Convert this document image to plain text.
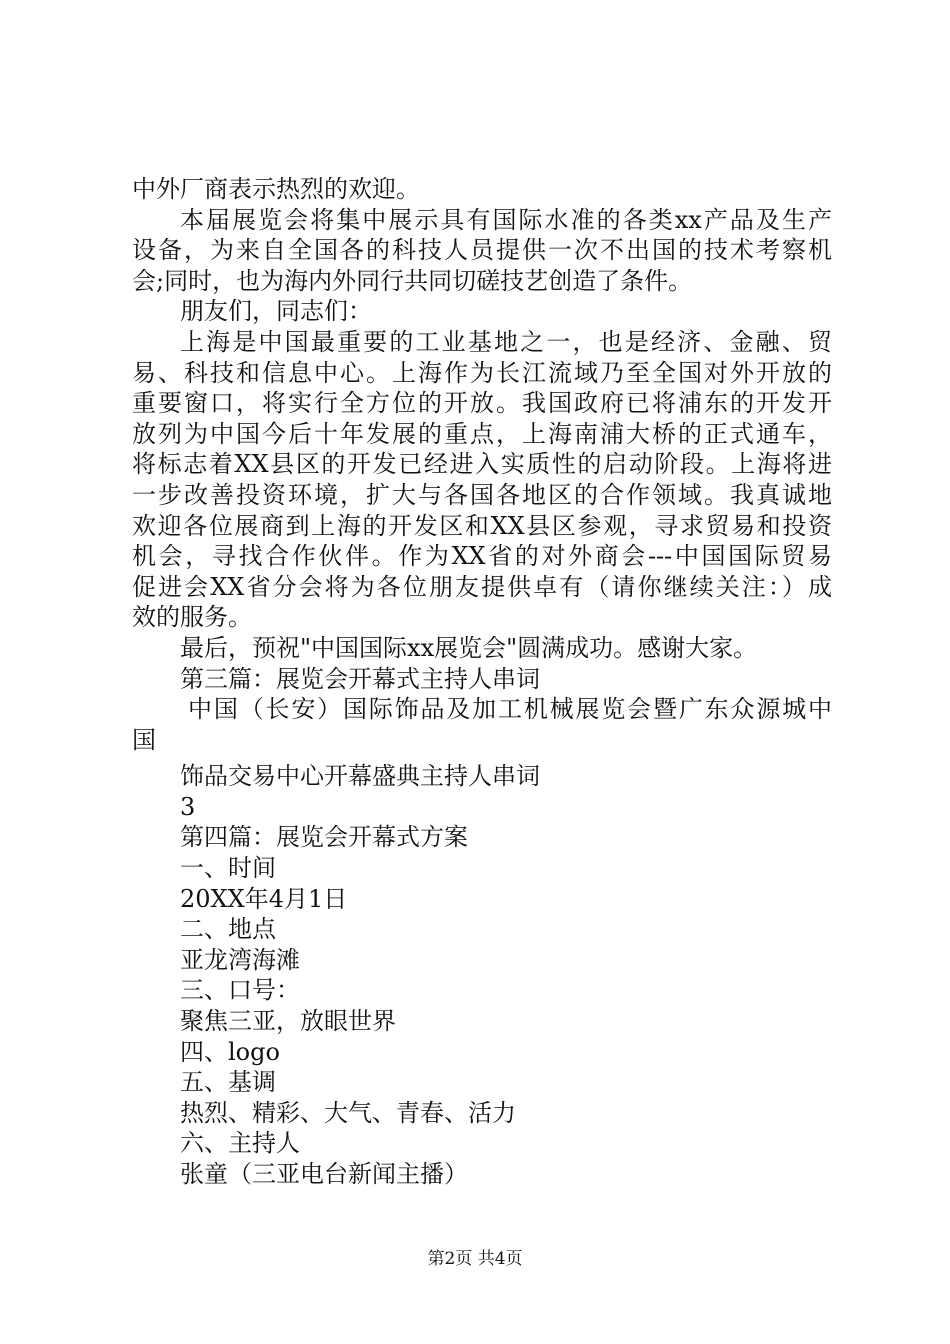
中外厂商表示热烈的欢迎。
本届展览会将集中展示具有国际水准的各类xx产品及生产
设备，为来自全国各的科技人员提供一次不出国的技术考察机
会;同时，也为海内外同行共同切磋技艺创造了条件。
朋友们，同志们：
上海是中国最重要的工业基地之一，也是经济、金融、贸
易、科技和信息中心。上海作为长江流域乃至全国对外开放的
重要窗口，将实行全方位的开放。我国政府已将浦东的开发开
放列为中国今后十年发展的重点，上海南浦大桥的正式通车，
将标志着XX县区的开发已经进入实质性的启动阶段。上海将进
一步改善投资环境，扩大与各国各地区的合作领域。我真诚地
欢迎各位展商到上海的开发区和XX县区参观，寻求贸易和投资
机会，寻找合作伙伴。作为XX省的对外商会---中国国际贸易
促进会XX省分会将为各位朋友提供卓有（请你继续关注：）成
效的服务。
最后，预祝"中国国际xx展览会"圆满成功。感谢大家。
第三篇：展览会开幕式主持人串词
中国（长安）国际饰品及加工机械展览会暨广东众源城中
国
饰品交易中心开幕盛典主持人串词
3
第四篇：展览会开幕式方案
一、时间
20XX年4月1日
二、地点
亚龙湾海滩
三、口号：
聚焦三亚，放眼世界
四、logo
五、基调
热烈、精彩、大气、青春、活力
六、主持人
张童（三亚电台新闻主播）
第2页 共4页
